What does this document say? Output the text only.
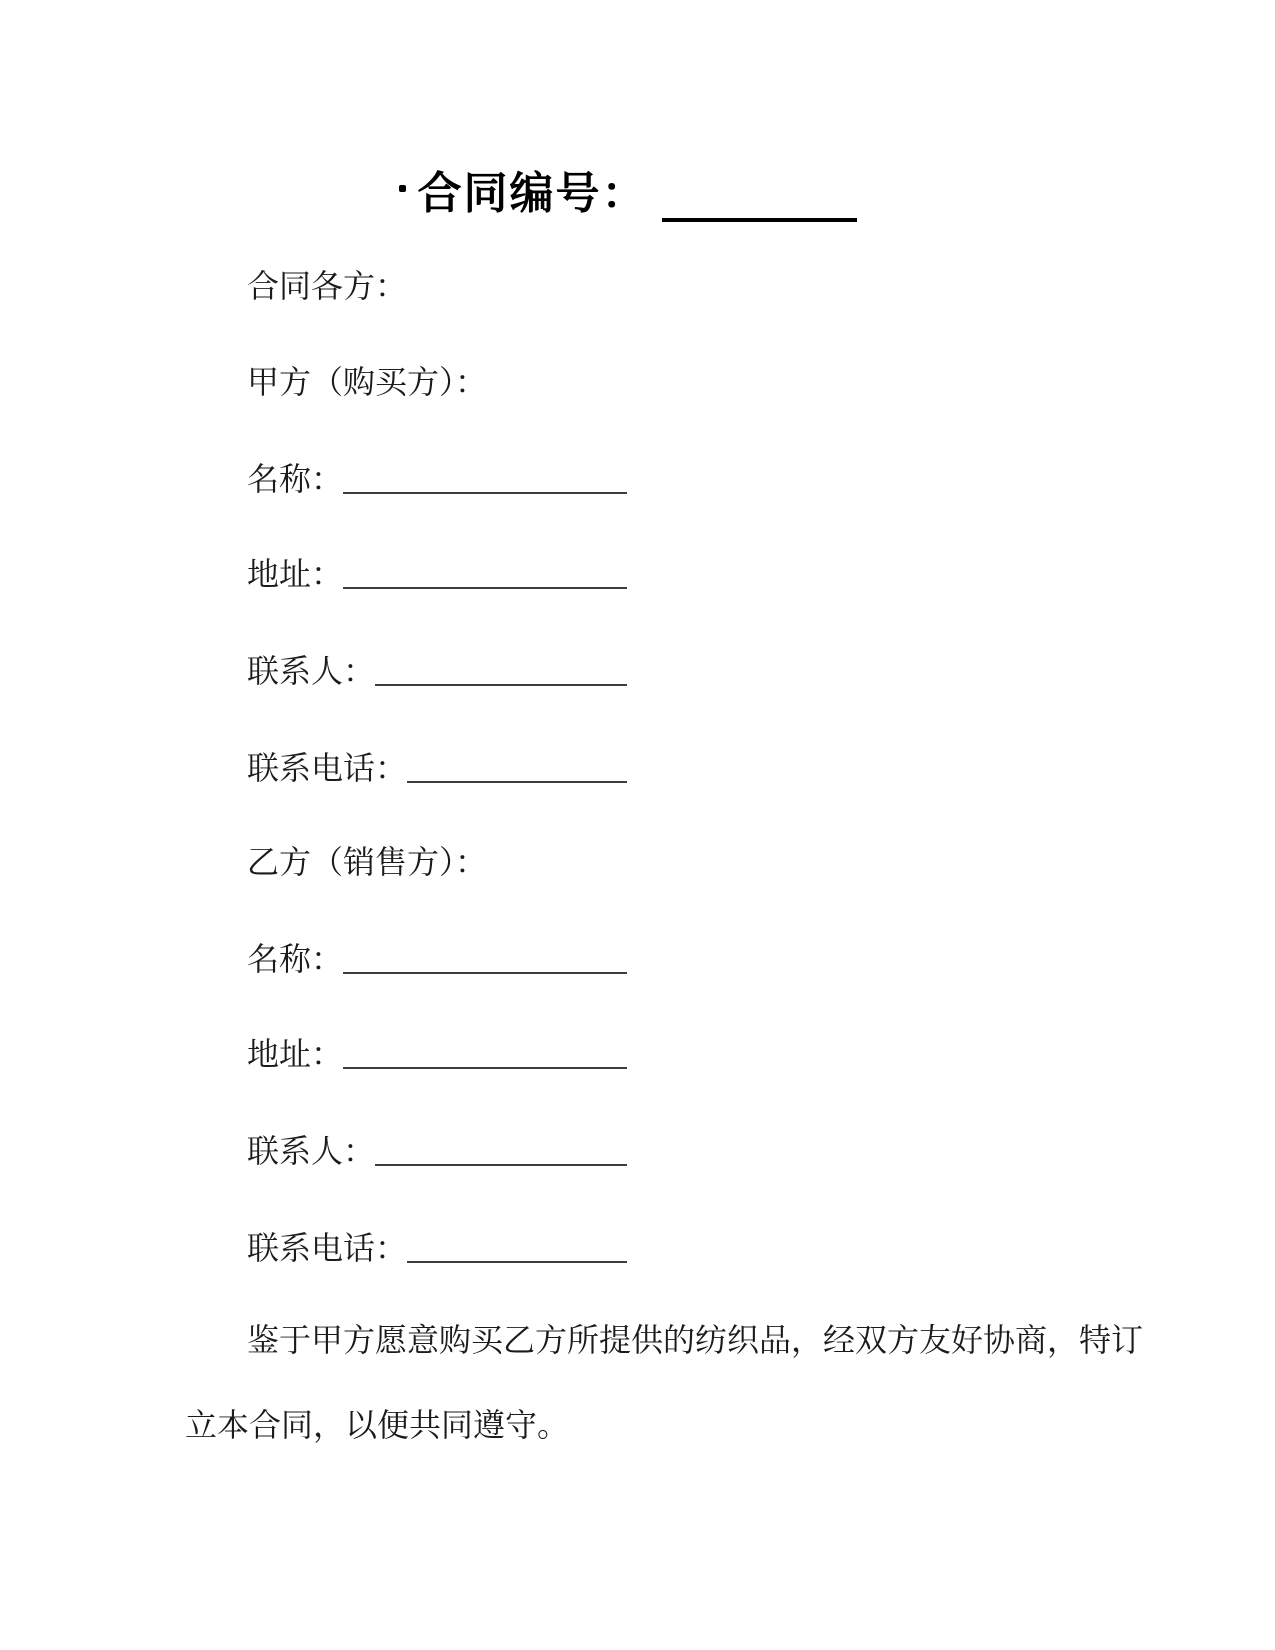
合同编号：
合同各方：
甲方（购买方）：
名称：
地址：
联系人：
联系电话：
乙方（销售方）：
名称：
地址：
联系人：
联系电话：
鉴于甲方愿意购买乙方所提供的纺织品，经双方友好协商，特订
立本合同，以便共同遵守。
